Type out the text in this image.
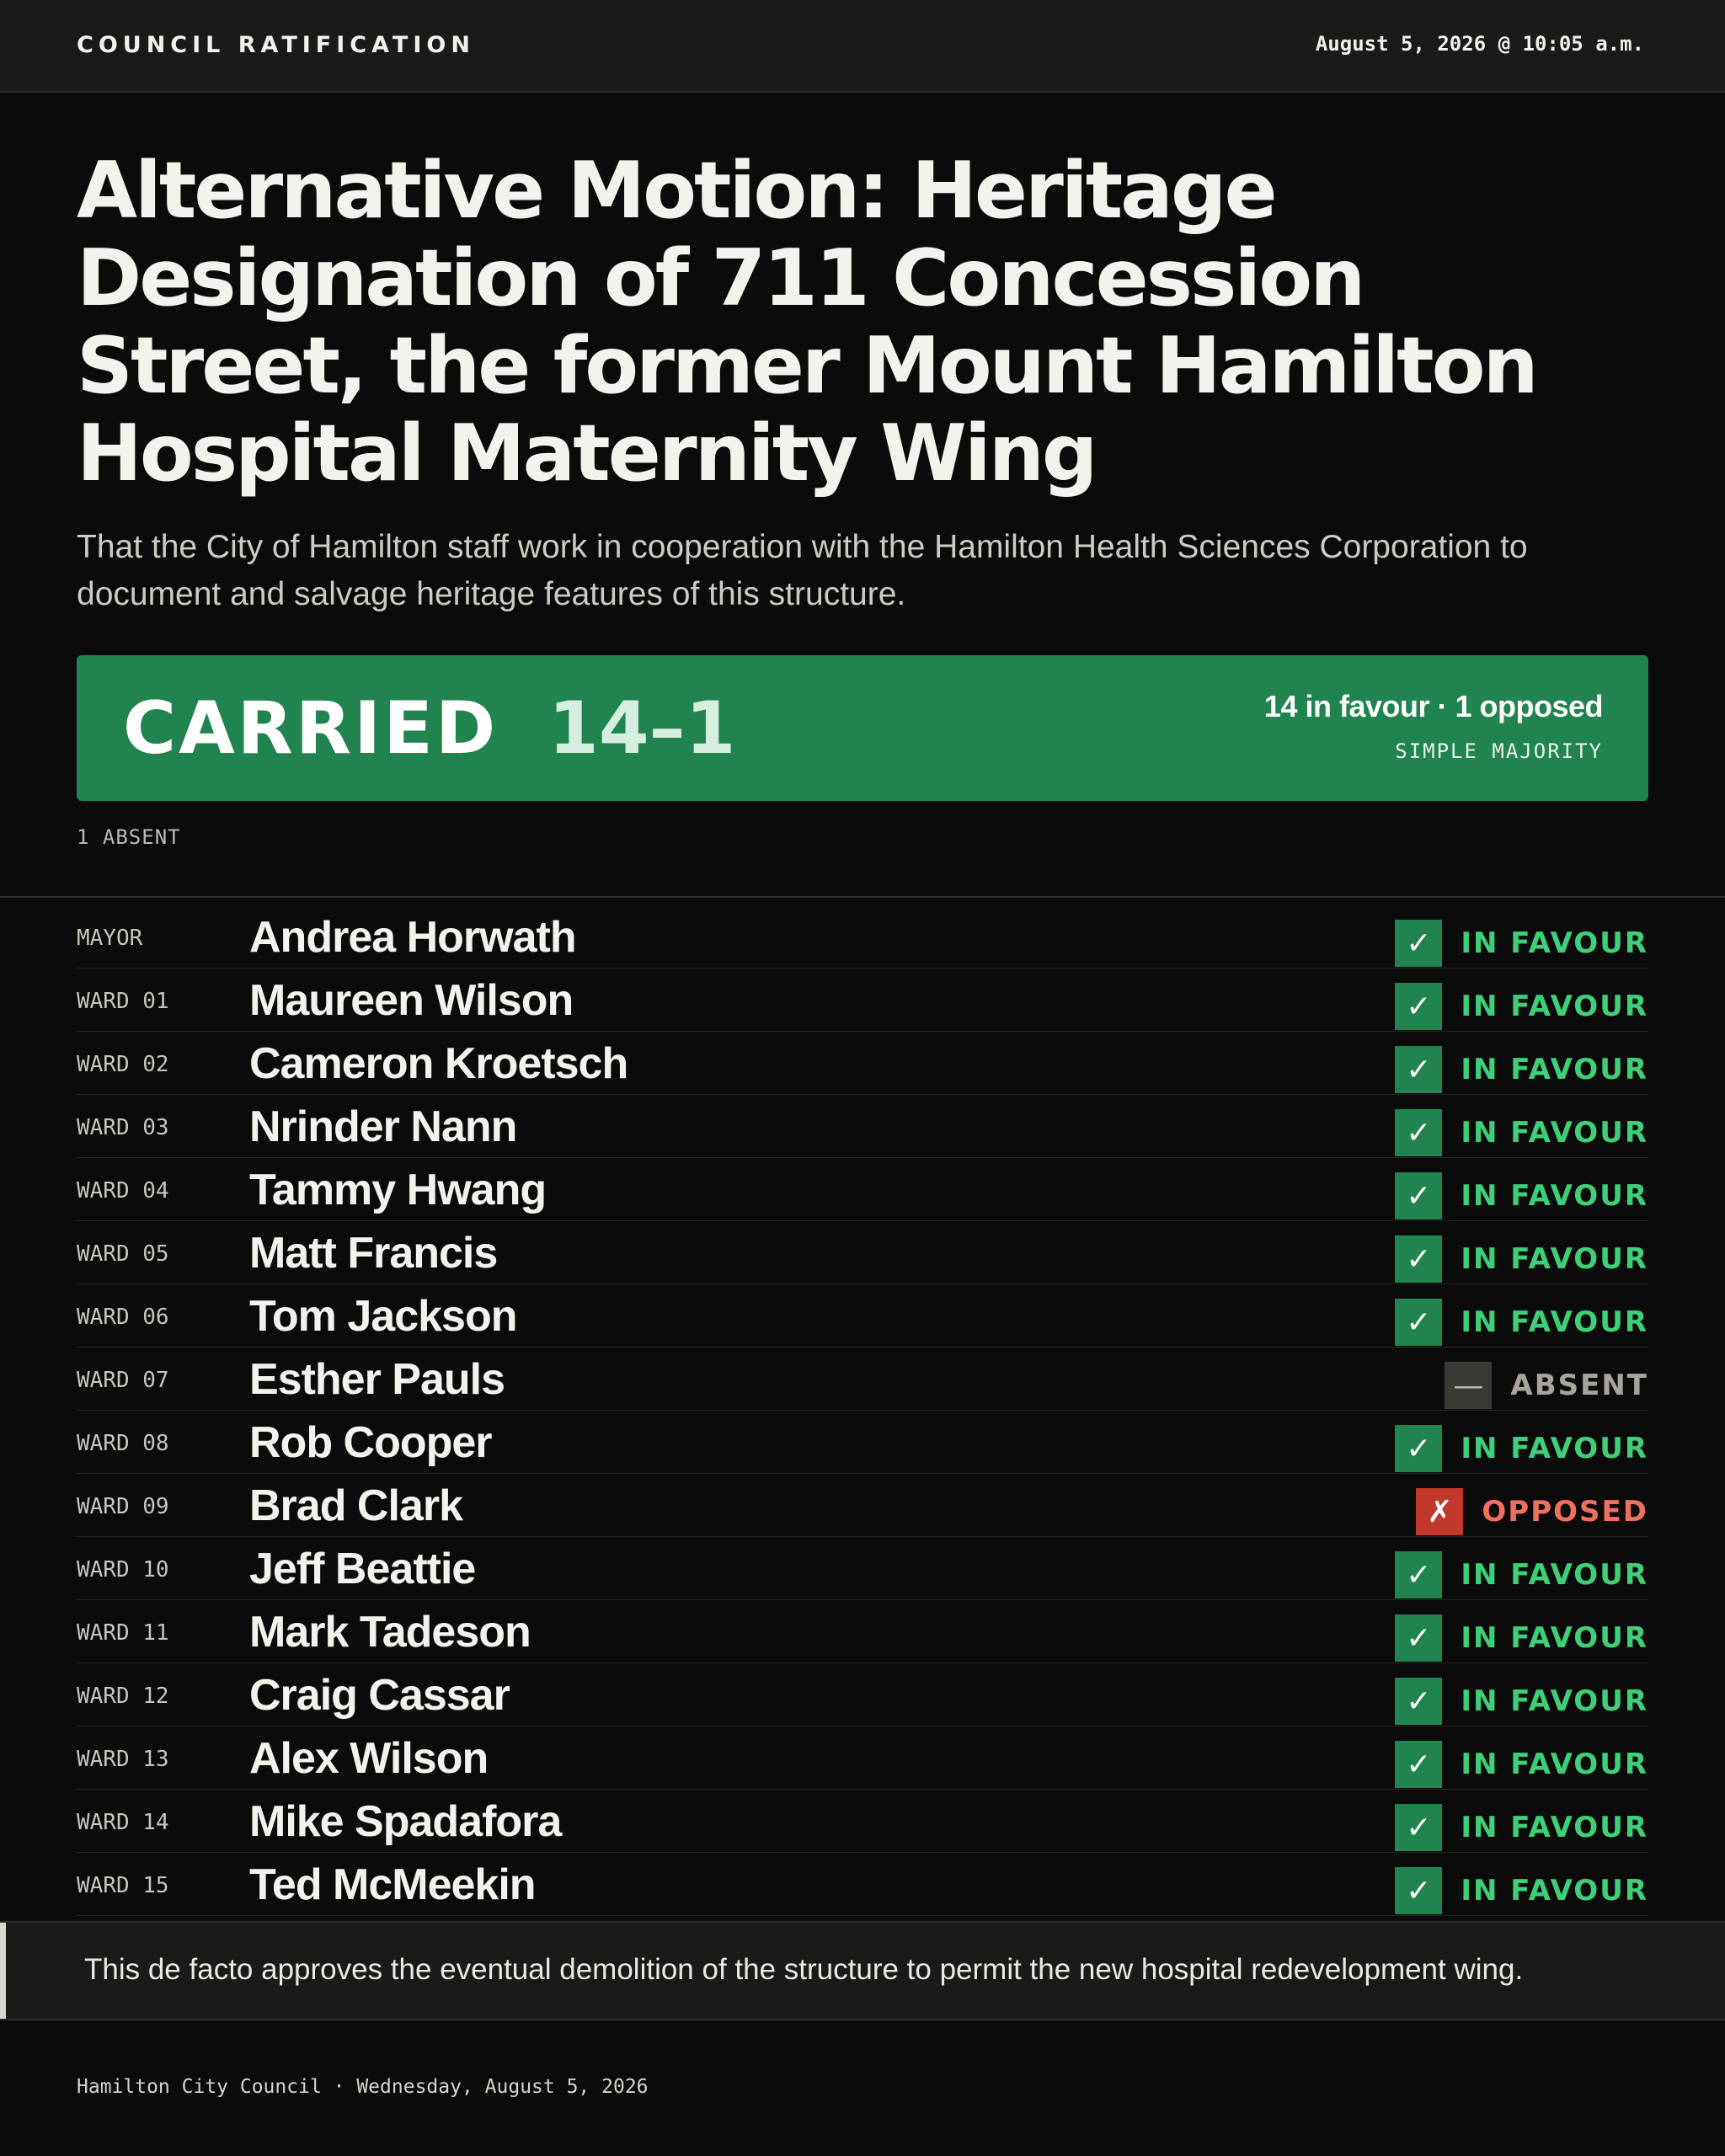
COUNCIL RATIFICATION	August 5, 2026 @ 10:05 a.m.
Alternative Motion: Heritage Designation of 711 Concession Street, the former Mount Hamilton Hospital Maternity Wing

That the City of Hamilton staff work in cooperation with the Hamilton Health Sciences Corporation to document and salvage heritage features of this structure.

CARRIED 14–1	14 in favour · 1 opposed
SIMPLE MAJORITY
1 ABSENT
MAYOR Andrea Horwath	✓	IN FAVOUR
WARD 01 Maureen Wilson	✓	IN FAVOUR
WARD 02 Cameron Kroetsch	✓	IN FAVOUR
WARD 03 Nrinder Nann	✓	IN FAVOUR
WARD 04 Tammy Hwang	✓	IN FAVOUR
WARD 05 Matt Francis	✓	IN FAVOUR
WARD 06 Tom Jackson	✓	IN FAVOUR
WARD 07 Esther Pauls	— ABSENT
WARD 08 Rob Cooper	✓	IN FAVOUR
WARD 09 Brad Clark	✗	OPPOSED
WARD 10 Jeff Beattie	✓	IN FAVOUR
WARD 11 Mark Tadeson	✓	IN FAVOUR
WARD 12 Craig Cassar	✓	IN FAVOUR
WARD 13 Alex Wilson	✓	IN FAVOUR
WARD 14 Mike Spadafora	✓	IN FAVOUR
WARD 15 Ted McMeekin	✓	IN FAVOUR
This de facto approves the eventual demolition of the structure to permit the new hospital redevelopment wing.
Hamilton City Council · Wednesday, August 5, 2026
